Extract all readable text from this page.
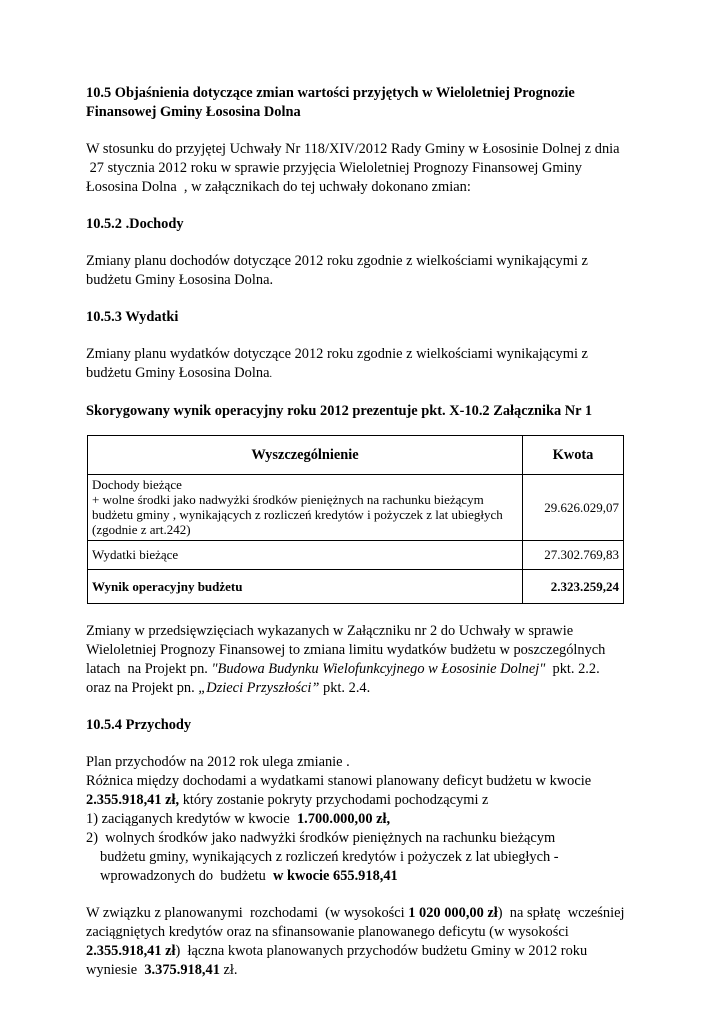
10.5 Objaśnienia dotyczące zmian wartości przyjętych w Wieloletniej Prognozie
Finansowej Gminy Łososina Dolna

W stosunku do przyjętej Uchwały Nr 118/XIV/2012 Rady Gminy w Łososinie Dolnej z dnia
27 stycznia 2012 roku w sprawie przyjęcia Wieloletniej Prognozy Finansowej Gminy
Łososina Dolna  , w załącznikach do tej uchwały dokonano zmian:

10.5.2 .Dochody

Zmiany planu dochodów dotyczące 2012 roku zgodnie z wielkościami wynikającymi z
budżetu Gminy Łososina Dolna.

10.5.3 Wydatki

Zmiany planu wydatków dotyczące 2012 roku zgodnie z wielkościami wynikającymi z
budżetu Gminy Łososina Dolna.

Skorygowany wynik operacyjny roku 2012 prezentuje pkt. X-10.2 Załącznika Nr 1

Wyszczególnienie	Kwota
Dochody bieżące
+ wolne środki jako nadwyżki środków pieniężnych na rachunku bieżącym
budżetu gminy , wynikających z rozliczeń kredytów i pożyczek z lat ubiegłych
(zgodnie z art.242)	29.626.029,07
Wydatki bieżące	27.302.769,83
Wynik operacyjny budżetu	2.323.259,24

Zmiany w przedsięwzięciach wykazanych w Załączniku nr 2 do Uchwały w sprawie
Wieloletniej Prognozy Finansowej to zmiana limitu wydatków budżetu w poszczególnych
latach  na Projekt pn. "Budowa Budynku Wielofunkcyjnego w Łososinie Dolnej"  pkt. 2.2.
oraz na Projekt pn. „Dzieci Przyszłości” pkt. 2.4.

10.5.4 Przychody

Plan przychodów na 2012 rok ulega zmianie .
Różnica między dochodami a wydatkami stanowi planowany deficyt budżetu w kwocie
2.355.918,41 zł, który zostanie pokryty przychodami pochodzącymi z

1) zaciąganych kredytów w kwocie  1.700.000,00 zł,

2)  wolnych środków jako nadwyżki środków pieniężnych na rachunku bieżącym

budżetu gminy, wynikających z rozliczeń kredytów i pożyczek z lat ubiegłych -
wprowadzonych do  budżetu  w kwocie 655.918,41

W związku z planowanymi  rozchodami  (w wysokości 1 020 000,00 zł)  na spłatę  wcześniej
zaciągniętych kredytów oraz na sfinansowanie planowanego deficytu (w wysokości
2.355.918,41 zł)  łączna kwota planowanych przychodów budżetu Gminy w 2012 roku
wyniesie  3.375.918,41 zł.
